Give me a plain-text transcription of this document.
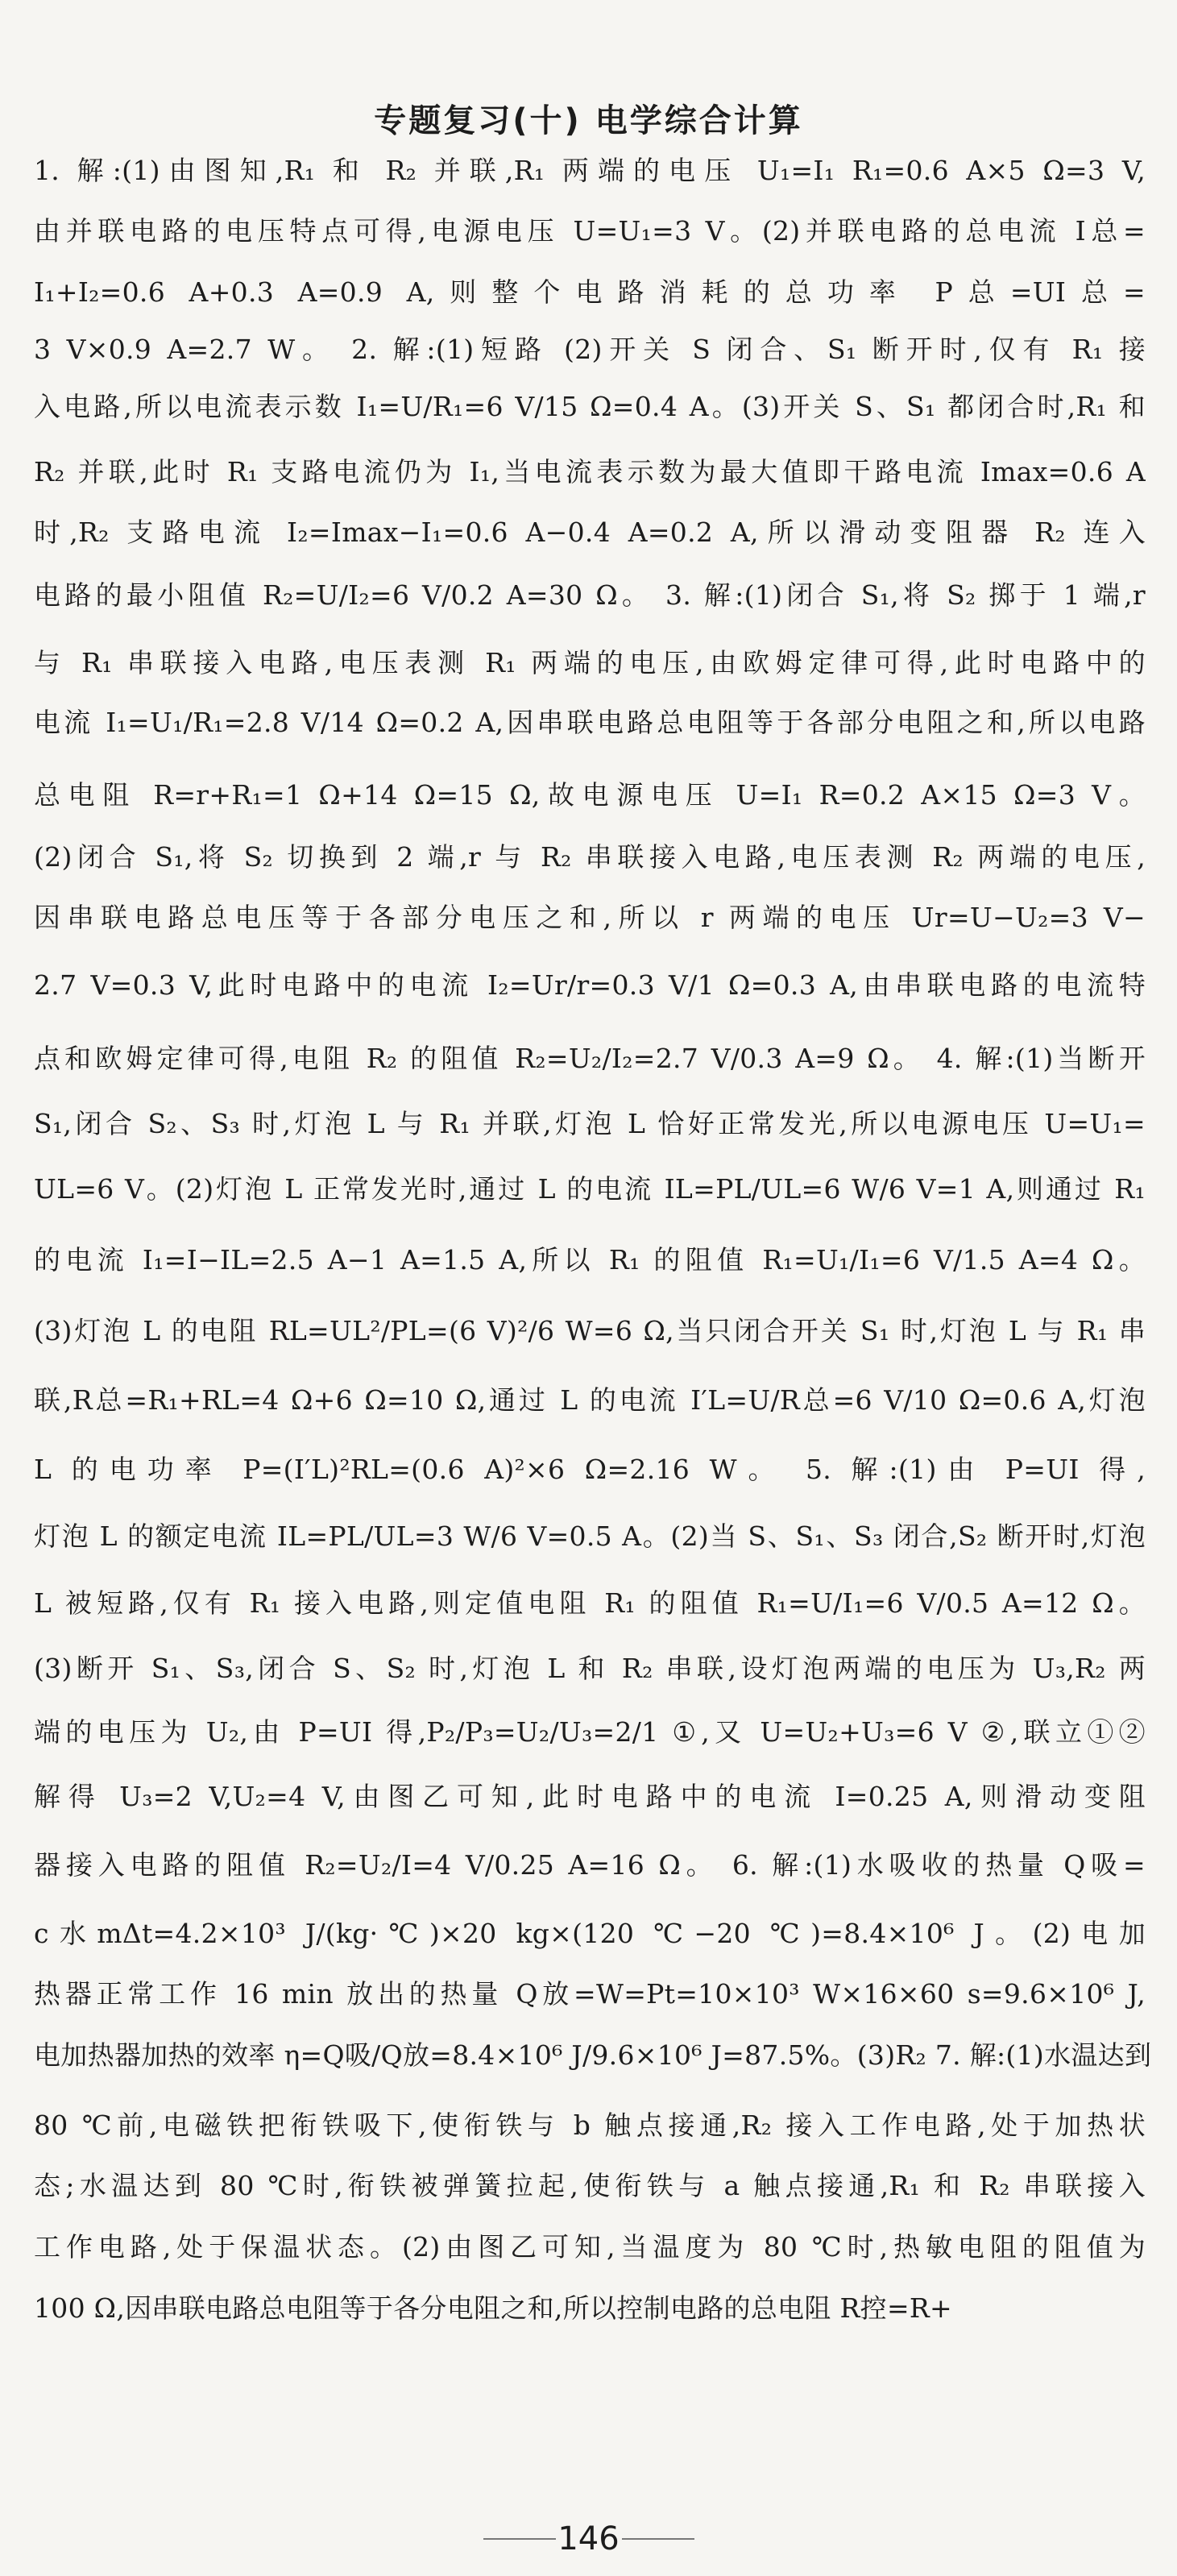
专题复习(十) 电学综合计算
1. 解:(1)由图知,R₁ 和 R₂ 并联,R₁ 两端的电压 U₁=I₁ R₁=0.6 A×5 Ω=3 V,
由并联电路的电压特点可得,电源电压 U=U₁=3 V。(2)并联电路的总电流 I总=
I₁+I₂=0.6 A+0.3 A=0.9 A,则整个电路消耗的总功率 P总=UI总=
3 V×0.9 A=2.7 W。 2. 解:(1)短路 (2)开关 S 闭合、S₁ 断开时,仅有 R₁ 接
入电路,所以电流表示数 I₁=U/R₁=6 V/15 Ω=0.4 A。(3)开关 S、S₁ 都闭合时,R₁ 和
R₂ 并联,此时 R₁ 支路电流仍为 I₁,当电流表示数为最大值即干路电流 Imax=0.6 A
时,R₂ 支路电流 I₂=Imax−I₁=0.6 A−0.4 A=0.2 A,所以滑动变阻器 R₂ 连入
电路的最小阻值 R₂=U/I₂=6 V/0.2 A=30 Ω。 3. 解:(1)闭合 S₁,将 S₂ 掷于 1 端,r
与 R₁ 串联接入电路,电压表测 R₁ 两端的电压,由欧姆定律可得,此时电路中的
电流 I₁=U₁/R₁=2.8 V/14 Ω=0.2 A,因串联电路总电阻等于各部分电阻之和,所以电路
总电阻 R=r+R₁=1 Ω+14 Ω=15 Ω,故电源电压 U=I₁ R=0.2 A×15 Ω=3 V。
(2)闭合 S₁,将 S₂ 切换到 2 端,r 与 R₂ 串联接入电路,电压表测 R₂ 两端的电压,
因串联电路总电压等于各部分电压之和,所以 r 两端的电压 Ur=U−U₂=3 V−
2.7 V=0.3 V,此时电路中的电流 I₂=Ur/r=0.3 V/1 Ω=0.3 A,由串联电路的电流特
点和欧姆定律可得,电阻 R₂ 的阻值 R₂=U₂/I₂=2.7 V/0.3 A=9 Ω。 4. 解:(1)当断开
S₁,闭合 S₂、S₃ 时,灯泡 L 与 R₁ 并联,灯泡 L 恰好正常发光,所以电源电压 U=U₁=
UL=6 V。(2)灯泡 L 正常发光时,通过 L 的电流 IL=PL/UL=6 W/6 V=1 A,则通过 R₁
的电流 I₁=I−IL=2.5 A−1 A=1.5 A,所以 R₁ 的阻值 R₁=U₁/I₁=6 V/1.5 A=4 Ω。
(3)灯泡 L 的电阻 RL=UL²/PL=(6 V)²/6 W=6 Ω,当只闭合开关 S₁ 时,灯泡 L 与 R₁ 串
联,R总=R₁+RL=4 Ω+6 Ω=10 Ω,通过 L 的电流 I′L=U/R总=6 V/10 Ω=0.6 A,灯泡
L 的电功率 P=(I′L)²RL=(0.6 A)²×6 Ω=2.16 W。 5. 解:(1)由 P=UI 得,
灯泡 L 的额定电流 IL=PL/UL=3 W/6 V=0.5 A。(2)当 S、S₁、S₃ 闭合,S₂ 断开时,灯泡
L 被短路,仅有 R₁ 接入电路,则定值电阻 R₁ 的阻值 R₁=U/I₁=6 V/0.5 A=12 Ω。
(3)断开 S₁、S₃,闭合 S、S₂ 时,灯泡 L 和 R₂ 串联,设灯泡两端的电压为 U₃,R₂ 两
端的电压为 U₂,由 P=UI 得,P₂/P₃=U₂/U₃=2/1 ①,又 U=U₂+U₃=6 V ②,联立①②
解得 U₃=2 V,U₂=4 V,由图乙可知,此时电路中的电流 I=0.25 A,则滑动变阻
器接入电路的阻值 R₂=U₂/I=4 V/0.25 A=16 Ω。 6. 解:(1)水吸收的热量 Q吸=
c水mΔt=4.2×10³ J/(kg·℃)×20 kg×(120 ℃−20 ℃)=8.4×10⁶ J。(2)电加
热器正常工作 16 min 放出的热量 Q放=W=Pt=10×10³ W×16×60 s=9.6×10⁶ J,
电加热器加热的效率 η=Q吸/Q放=8.4×10⁶ J/9.6×10⁶ J=87.5%。(3)R₂ 7. 解:(1)水温达到
80 ℃前,电磁铁把衔铁吸下,使衔铁与 b 触点接通,R₂ 接入工作电路,处于加热状
态;水温达到 80 ℃时,衔铁被弹簧拉起,使衔铁与 a 触点接通,R₁ 和 R₂ 串联接入
工作电路,处于保温状态。(2)由图乙可知,当温度为 80 ℃时,热敏电阻的阻值为
100 Ω,因串联电路总电阻等于各分电阻之和,所以控制电路的总电阻 R控=R+
146
